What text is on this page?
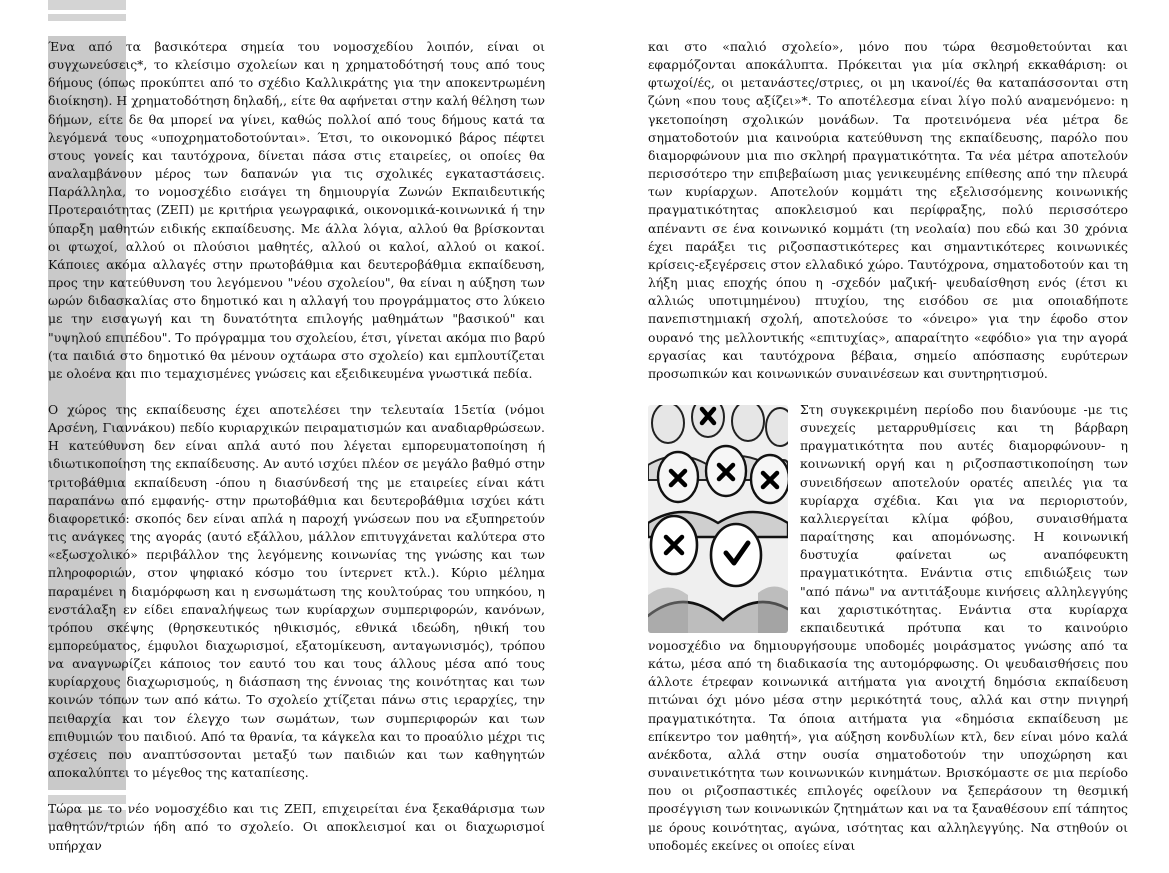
Ένα από τα βασικότερα σημεία του νομοσχεδίου λοιπόν, είναι οι συγχωνεύσεις*, το κλείσιμο σχολείων και η χρηματοδότησή τους από τους δήμους (όπως προκύπτει από το σχέδιο Καλλικράτης για την αποκεντρωμένη διοίκηση). Η χρηματοδότηση δηλαδή,, είτε θα αφήνεται στην καλή θέληση των δήμων, είτε δε θα μπορεί να γίνει, καθώς πολλοί από τους δήμους κατά τα λεγόμενά τους «υποχρηματοδοτούνται». Έτσι, το οικονομικό βάρος πέφτει στους γονείς και ταυτόχρονα, δίνεται πάσα στις εταιρείες, οι οποίες θα αναλαμβάνουν μέρος των δαπανών για τις σχολικές εγκαταστάσεις. Παράλληλα, το νομοσχέδιο εισάγει τη δημιουργία Ζωνών Εκπαιδευτικής Προτεραιότητας (ΖΕΠ) με κριτήρια γεωγραφικά, οικονομικά-κοινωνικά ή την ύπαρξη μαθητών ειδικής εκπαίδευσης. Με άλλα λόγια, αλλού θα βρίσκονται οι φτωχοί, αλλού οι πλούσιοι μαθητές, αλλού οι καλοί, αλλού οι κακοί. Κάποιες ακόμα αλλαγές στην πρωτοβάθμια και δευτεροβάθμια εκπαίδευση, προς την κατεύθυνση του λεγόμενου "νέου σχολείου", θα είναι η αύξηση των ωρών διδασκαλίας στο δημοτικό και η αλλαγή του προγράμματος στο λύκειο με την εισαγωγή και τη δυνατότητα επιλογής μαθημάτων "βασικού" και "υψηλού επιπέδου". Το πρόγραμμα του σχολείου, έτσι, γίνεται ακόμα πιο βαρύ (τα παιδιά στο δημοτικό θα μένουν οχτάωρα στο σχολείο) και εμπλουτίζεται με ολοένα και πιο τεμαχισμένες γνώσεις και εξειδικευμένα γνωστικά πεδία.

Ο χώρος της εκπαίδευσης έχει αποτελέσει την τελευταία 15ετία (νόμοι Αρσένη, Γιαννάκου) πεδίο κυριαρχικών πειραματισμών και αναδιαρθρώσεων. Η κατεύθυνση δεν είναι απλά αυτό που λέγεται εμπορευματοποίηση ή ιδιωτικοποίηση της εκπαίδευσης. Αν αυτό ισχύει πλέον σε μεγάλο βαθμό στην τριτοβάθμια εκπαίδευση -όπου η διασύνδεσή της με εταιρείες είναι κάτι παραπάνω από εμφανής- στην πρωτοβάθμια και δευτεροβάθμια ισχύει κάτι διαφορετικό: σκοπός δεν είναι απλά η παροχή γνώσεων που να εξυπηρετούν τις ανάγκες της αγοράς (αυτό εξάλλου, μάλλον επιτυγχάνεται καλύτερα στο «εξωσχολικό» περιβάλλον της λεγόμενης κοινωνίας της γνώσης και των πληροφοριών, στον ψηφιακό κόσμο του ίντερνετ κτλ.). Κύριο μέλημα παραμένει η διαμόρφωση και η ενσωμάτωση της κουλτούρας του υπηκόου, η ενστάλαξη εν είδει επαναλήψεως των κυρίαρχων συμπεριφορών, κανόνων, τρόπου σκέψης (θρησκευτικός ηθικισμός, εθνικά ιδεώδη, ηθική του εμπορεύματος, έμφυλοι διαχωρισμοί, εξατομίκευση, ανταγωνισμός), τρόπου να αναγνωρίζει κάποιος τον εαυτό του και τους άλλους μέσα από τους κυρίαρχους διαχωρισμούς, η διάσπαση της έννοιας της κοινότητας και των κοινών τόπων των από κάτω. Το σχολείο χτίζεται πάνω στις ιεραρχίες, την πειθαρχία και τον έλεγχο των σωμάτων, των συμπεριφορών και των επιθυμιών του παιδιού. Από τα θρανία, τα κάγκελα και το προαύλιο μέχρι τις σχέσεις που αναπτύσσονται μεταξύ των παιδιών και των καθηγητών αποκαλύπτει το μέγεθος της καταπίεσης.

Τώρα με το νέο νομοσχέδιο και τις ΖΕΠ, επιχειρείται ένα ξεκαθάρισμα των μαθητών/τριών ήδη από το σχολείο. Οι αποκλεισμοί και οι διαχωρισμοί υπήρχαν

και στο «παλιό σχολείο», μόνο που τώρα θεσμοθετούνται και εφαρμόζονται αποκάλυπτα. Πρόκειται για μία σκληρή εκκαθάριση: οι φτωχοί/ές, οι μετανάστες/στριες, οι μη ικανοί/ές θα καταπάσσονται στη ζώνη «που τους αξίζει»*. Το αποτέλεσμα είναι λίγο πολύ αναμενόμενο: η γκετοποίηση σχολικών μονάδων. Τα προτεινόμενα νέα μέτρα δε σηματοδοτούν μια καινούρια κατεύθυνση της εκπαίδευσης, παρόλο που διαμορφώνουν μια πιο σκληρή πραγματικότητα. Τα νέα μέτρα αποτελούν περισσότερο την επιβεβαίωση μιας γενικευμένης επίθεσης από την πλευρά των κυρίαρχων. Αποτελούν κομμάτι της εξελισσόμενης κοινωνικής πραγματικότητας αποκλεισμού και περίφραξης, πολύ περισσότερο απέναντι σε ένα κοινωνικό κομμάτι (τη νεολαία) που εδώ και 30 χρόνια έχει παράξει τις ριζοσπαστικότερες και σημαντικότερες κοινωνικές κρίσεις-εξεγέρσεις στον ελλαδικό χώρο. Ταυτόχρονα, σηματοδοτούν και τη λήξη μιας εποχής όπου η -σχεδόν μαζική- ψευδαίσθηση ενός (έτσι κι αλλιώς υποτιμημένου) πτυχίου, της εισόδου σε μια οποιαδήποτε πανεπιστημιακή σχολή, αποτελούσε το «όνειρο» για την έφοδο στον ουρανό της μελλοντικής «επιτυχίας», απαραίτητο «εφόδιο» για την αγορά εργασίας και ταυτόχρονα βέβαια, σημείο απόσπασης ευρύτερων προσωπικών και κοινωνικών συναινέσεων και συντηρητισμού.

Στη συγκεκριμένη περίοδο που διανύουμε -με τις συνεχείς μεταρρυθμίσεις και τη βάρβαρη πραγματικότητα που αυτές διαμορφώνουν- η κοινωνική οργή και η ριζοσπαστικοποίηση των συνειδήσεων αποτελούν ορατές απειλές για τα κυρίαρχα σχέδια. Και για να περιοριστούν, καλλιεργείται κλίμα φόβου, συναισθήματα παραίτησης και απομόνωσης. Η κοινωνική δυστυχία φαίνεται ως αναπόφευκτη πραγματικότητα. Ενάντια στις επιδιώξεις των "από πάνω" να αντιτάξουμε κινήσεις αλληλεγγύης και χαριστικότητας. Ενάντια στα κυρίαρχα εκπαιδευτικά πρότυπα και το καινούριο νομοσχέδιο να δημιουργήσουμε υποδομές μοιράσματος γνώσης από τα κάτω, μέσα από τη διαδικασία της αυτομόρφωσης. Οι ψευδαισθήσεις που άλλοτε έτρεφαν κοινωνικά αιτήματα για ανοιχτή δημόσια εκπαίδευση πιτώναι όχι μόνο μέσα στην μερικότητά τους, αλλά και στην πνιγηρή πραγματικότητα. Τα όποια αιτήματα για «δημόσια εκπαίδευση με επίκεντρο τον μαθητή», για αύξηση κονδυλίων κτλ, δεν είναι μόνο καλά ανέκδοτα, αλλά στην ουσία σηματοδοτούν την υποχώρηση και συναινετικότητα των κοινωνικών κινημάτων. Βρισκόμαστε σε μια περίοδο που οι ριζοσπαστικές επιλογές οφείλουν να ξεπεράσουν τη θεσμική προσέγγιση των κοινωνικών ζητημάτων και να τα ξαναθέσουν επί τάπητος με όρους κοινότητας, αγώνα, ισότητας και αλληλεγγύης. Να στηθούν οι υποδομές εκείνες οι οποίες είναι
